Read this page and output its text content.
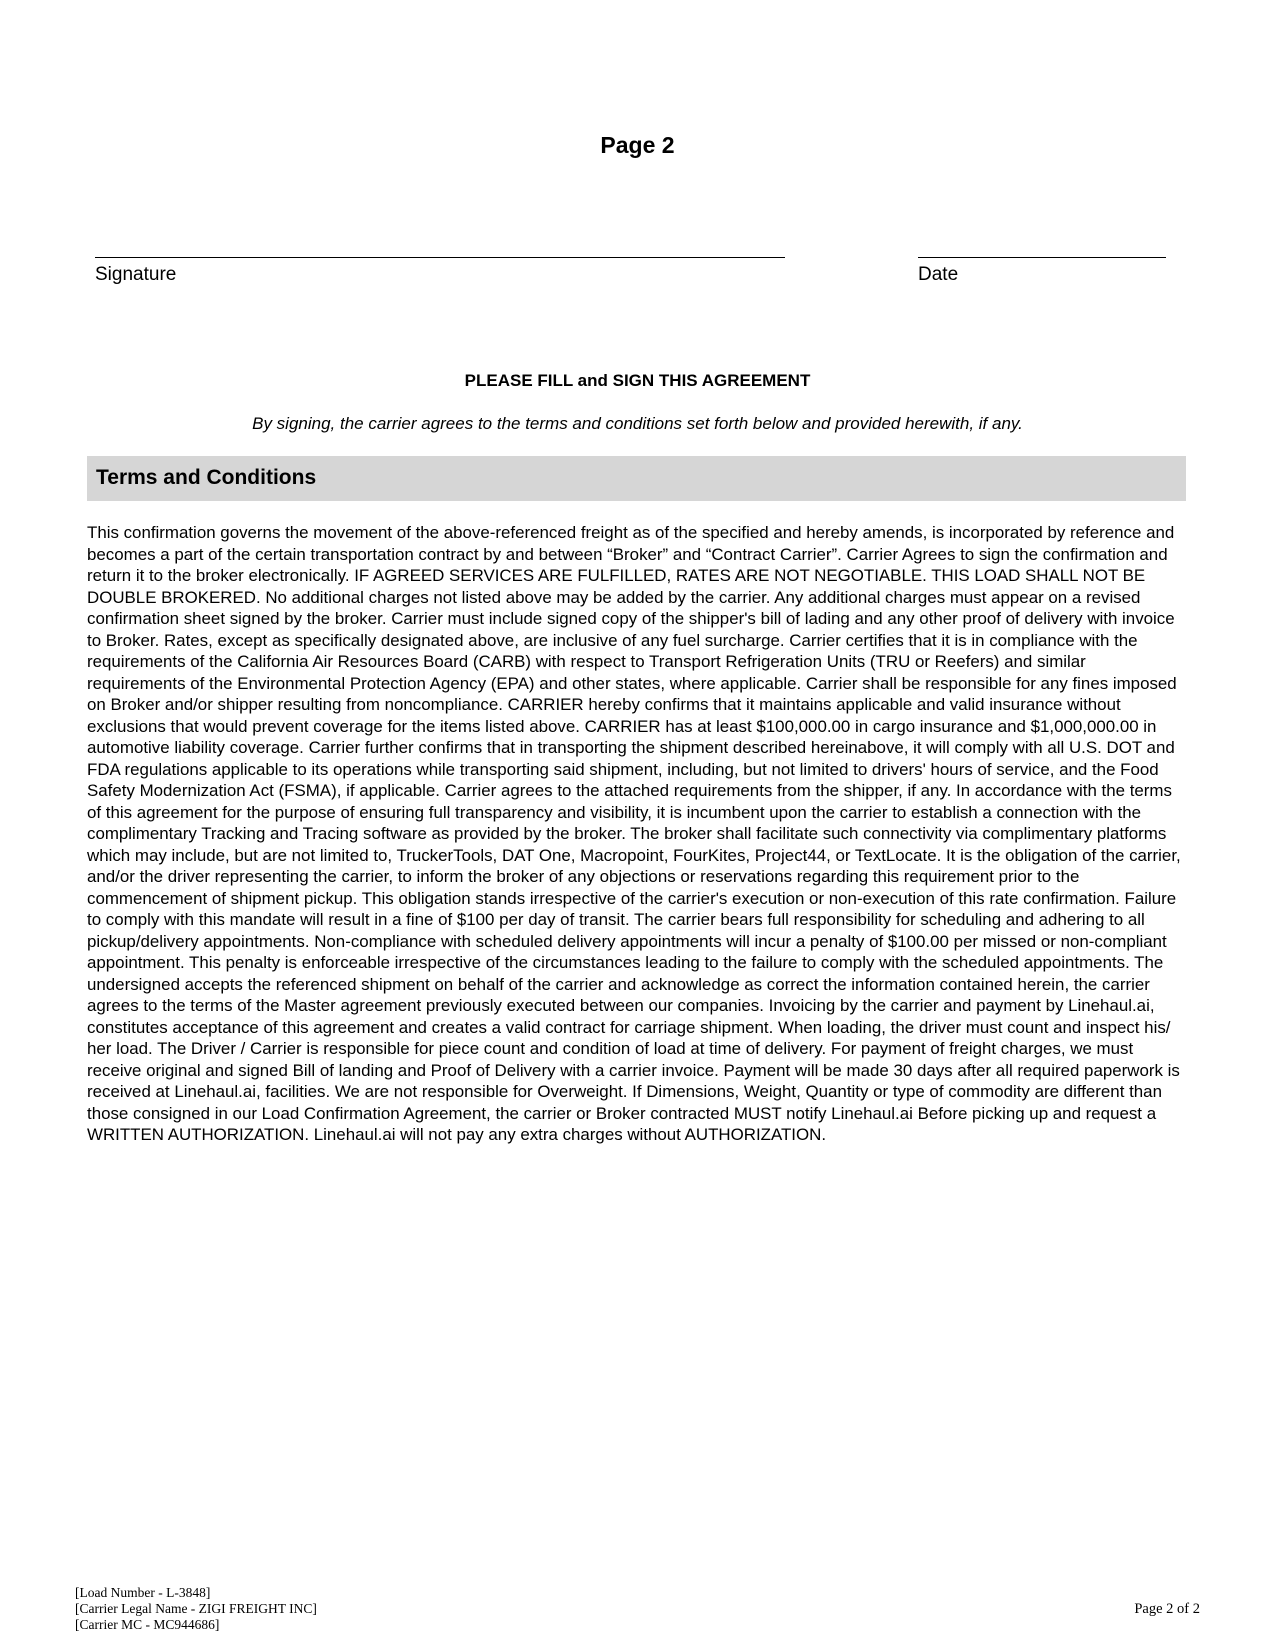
Page 2
Signature	Date
PLEASE FILL and SIGN THIS AGREEMENT
By signing, the carrier agrees to the terms and conditions set forth below and provided herewith, if any.
Terms and Conditions

This confirmation governs the movement of the above-referenced freight as of the specified and hereby amends, is incorporated by reference and becomes a part of the certain transportation contract by and between “Broker” and “Contract Carrier”. Carrier Agrees to sign the confirmation and return it to the broker electronically. IF AGREED SERVICES ARE FULFILLED, RATES ARE NOT NEGOTIABLE. THIS LOAD SHALL NOT BE DOUBLE BROKERED. No additional charges not listed above may be added by the carrier. Any additional charges must appear on a revised confirmation sheet signed by the broker. Carrier must include signed copy of the shipper's bill of lading and any other proof of delivery with invoice to Broker. Rates, except as specifically designated above, are inclusive of any fuel surcharge. Carrier certifies that it is in compliance with the requirements of the California Air Resources Board (CARB) with respect to Transport Refrigeration Units (TRU or Reefers) and similar requirements of the Environmental Protection Agency (EPA) and other states, where applicable. Carrier shall be responsible for any fines imposed on Broker and/or shipper resulting from noncompliance. CARRIER hereby confirms that it maintains applicable and valid insurance without exclusions that would prevent coverage for the items listed above. CARRIER has at least $100,000.00 in cargo insurance and $1,000,000.00 in automotive liability coverage. Carrier further confirms that in transporting the shipment described hereinabove, it will comply with all U.S. DOT and FDA regulations applicable to its operations while transporting said shipment, including, but not limited to drivers' hours of service, and the Food Safety Modernization Act (FSMA), if applicable. Carrier agrees to the attached requirements from the shipper, if any. In accordance with the terms of this agreement for the purpose of ensuring full transparency and visibility, it is incumbent upon the carrier to establish a connection with the complimentary Tracking and Tracing software as provided by the broker. The broker shall facilitate such connectivity via complimentary platforms which may include, but are not limited to, TruckerTools, DAT One, Macropoint, FourKites, Project44, or TextLocate. It is the obligation of the carrier, and/or the driver representing the carrier, to inform the broker of any objections or reservations regarding this requirement prior to the commencement of shipment pickup. This obligation stands irrespective of the carrier's execution or non-execution of this rate confirmation. Failure to comply with this mandate will result in a fine of $100 per day of transit. The carrier bears full responsibility for scheduling and adhering to all pickup/delivery appointments. Non-compliance with scheduled delivery appointments will incur a penalty of $100.00 per missed or non-compliant appointment. This penalty is enforceable irrespective of the circumstances leading to the failure to comply with the scheduled appointments. The undersigned accepts the referenced shipment on behalf of the carrier and acknowledge as correct the information contained herein, the carrier agrees to the terms of the Master agreement previously executed between our companies. Invoicing by the carrier and payment by Linehaul.ai, constitutes acceptance of this agreement and creates a valid contract for carriage shipment. When loading, the driver must count and inspect his/ her load. The Driver / Carrier is responsible for piece count and condition of load at time of delivery. For payment of freight charges, we must receive original and signed Bill of landing and Proof of Delivery with a carrier invoice. Payment will be made 30 days after all required paperwork is received at Linehaul.ai, facilities. We are not responsible for Overweight. If Dimensions, Weight, Quantity or type of commodity are different than those consigned in our Load Confirmation Agreement, the carrier or Broker contracted MUST notify Linehaul.ai Before picking up and request a WRITTEN AUTHORIZATION. Linehaul.ai will not pay any extra charges without AUTHORIZATION.

[Load Number - L-3848]
[Carrier Legal Name - ZIGI FREIGHT INC]
[Carrier MC - MC944686]
Page 2 of 2
